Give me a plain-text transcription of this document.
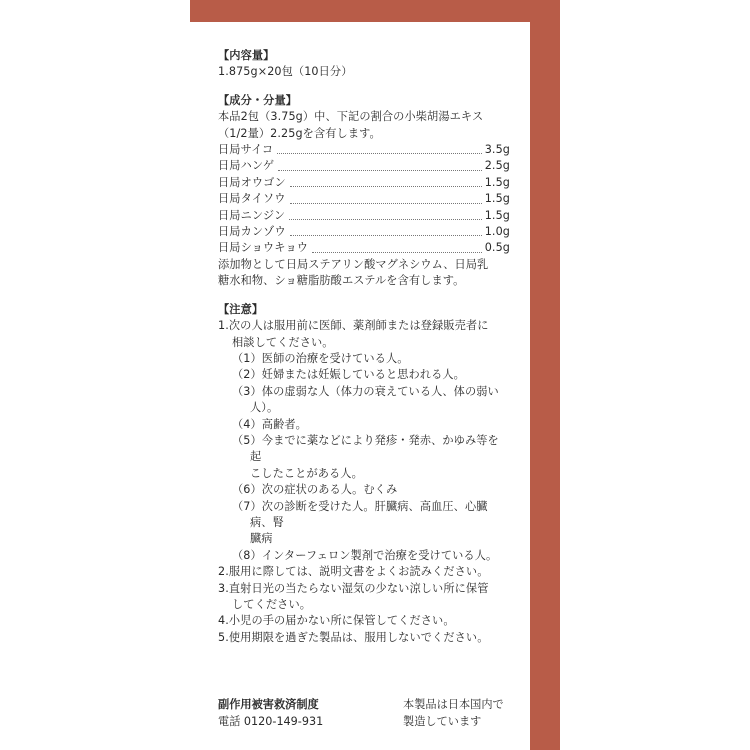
【内容量】
1.875g×20包（10日分）
【成分・分量】
本品2包（3.75g）中、下記の割合の小柴胡湯エキス
（1/2量）2.25gを含有します。
日局サイコ	3.5g
日局ハンゲ	2.5g
日局オウゴン	1.5g
日局タイソウ	1.5g
日局ニンジン	1.5g
日局カンゾウ	1.0g
日局ショウキョウ	0.5g
添加物として日局ステアリン酸マグネシウム、日局乳
糖水和物、ショ糖脂肪酸エステルを含有します。
【注意】
1.次の人は服用前に医師、薬剤師または登録販売者に
相談してください。
（1）医師の治療を受けている人。
（2）妊婦または妊娠していると思われる人。
（3）体の虚弱な人（体力の衰えている人、体の弱い人）。
（4）高齢者。
（5）今までに薬などにより発疹・発赤、かゆみ等を起
こしたことがある人。
（6）次の症状のある人。むくみ
（7）次の診断を受けた人。肝臓病、高血圧、心臓病、腎
臓病
（8）インターフェロン製剤で治療を受けている人。
2.服用に際しては、説明文書をよくお読みください。
3.直射日光の当たらない湿気の少ない涼しい所に保管
してください。
4.小児の手の届かない所に保管してください。
5.使用期限を過ぎた製品は、服用しないでください。
副作用被害救済制度
電話 0120-149-931
本製品は日本国内で
製造しています
